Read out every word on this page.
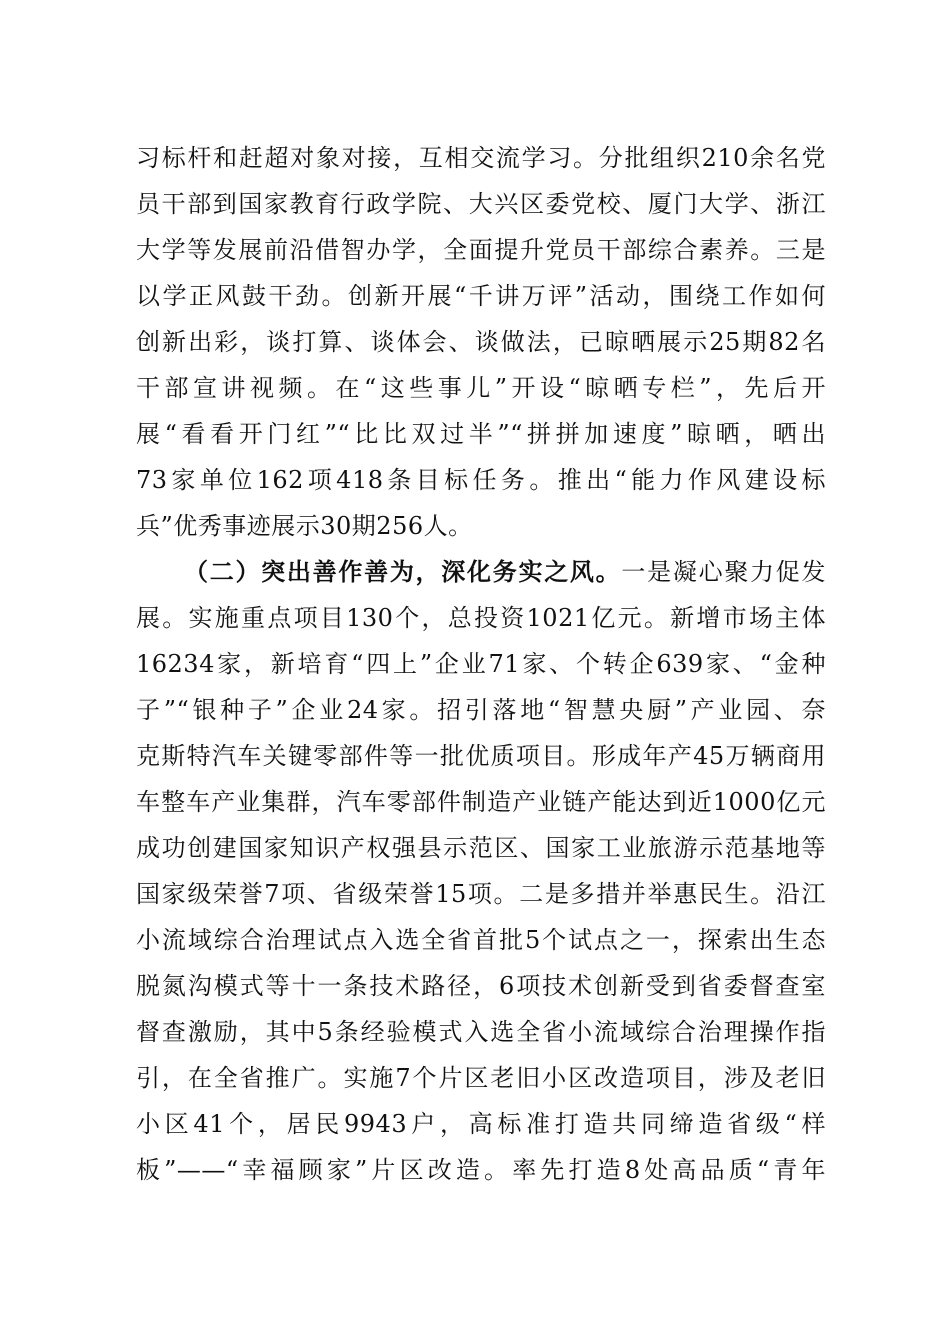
习标杆和赶超对象对接，互相交流学习。分批组织210余名党
员干部到国家教育行政学院、大兴区委党校、厦门大学、浙江
大学等发展前沿借智办学，全面提升党员干部综合素养。三是
以学正风鼓干劲。创新开展“千讲万评”活动，围绕工作如何
创新出彩，谈打算、谈体会、谈做法，已晾晒展示25期82名
干部宣讲视频。在“这些事儿”开设“晾晒专栏”，先后开
展“看看开门红”“比比双过半”“拼拼加速度”晾晒，晒出
73家单位162项418条目标任务。推出“能力作风建设标
兵”优秀事迹展示30期256人。
（二）突出善作善为，深化务实之风。一是凝心聚力促发
展。实施重点项目130个，总投资1021亿元。新增市场主体
16234家，新培育“四上”企业71家、个转企639家、“金种
子”“银种子”企业24家。招引落地“智慧央厨”产业园、奈
克斯特汽车关键零部件等一批优质项目。形成年产45万辆商用
车整车产业集群，汽车零部件制造产业链产能达到近1000亿元
成功创建国家知识产权强县示范区、国家工业旅游示范基地等
国家级荣誉7项、省级荣誉15项。二是多措并举惠民生。沿江
小流域综合治理试点入选全省首批5个试点之一，探索出生态
脱氮沟模式等十一条技术路径，6项技术创新受到省委督查室
督查激励，其中5条经验模式入选全省小流域综合治理操作指
引，在全省推广。实施7个片区老旧小区改造项目，涉及老旧
小区41个，居民9943户，高标准打造共同缔造省级“样
板”——“幸福顾家”片区改造。率先打造8处高品质“青年
